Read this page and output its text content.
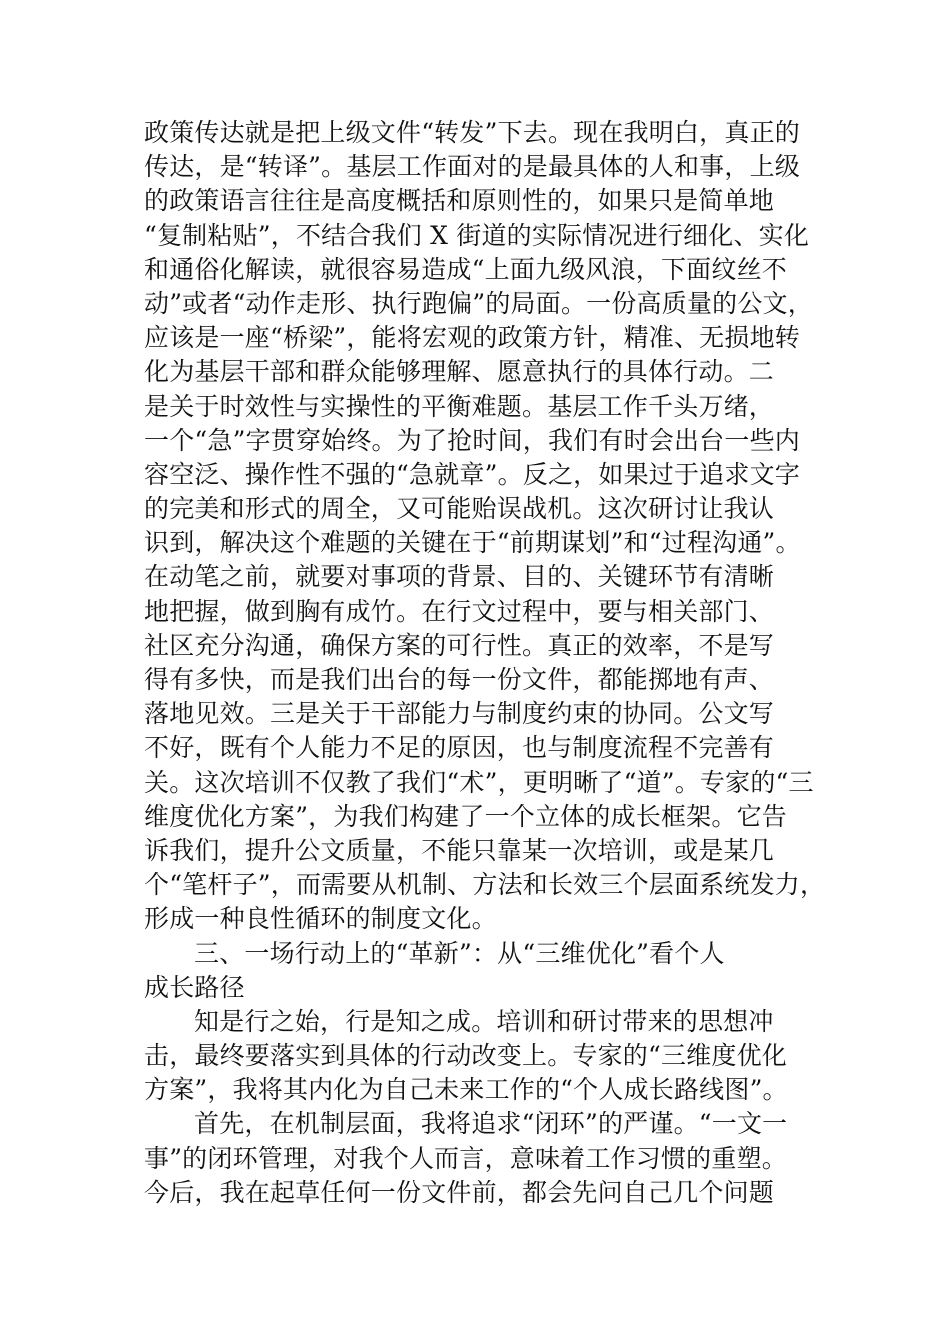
政策传达就是把上级文件“转发”下去。现在我明白，真正的
传达，是“转译”。基层工作面对的是最具体的人和事，上级
的政策语言往往是高度概括和原则性的，如果只是简单地
“复制粘贴”，不结合我们 X 街道的实际情况进行细化、实化
和通俗化解读，就很容易造成“上面九级风浪，下面纹丝不
动”或者“动作走形、执行跑偏”的局面。一份高质量的公文，
应该是一座“桥梁”，能将宏观的政策方针，精准、无损地转
化为基层干部和群众能够理解、愿意执行的具体行动。二
是关于时效性与实操性的平衡难题。基层工作千头万绪，
一个“急”字贯穿始终。为了抢时间，我们有时会出台一些内
容空泛、操作性不强的“急就章”。反之，如果过于追求文字
的完美和形式的周全，又可能贻误战机。这次研讨让我认
识到，解决这个难题的关键在于“前期谋划”和“过程沟通”。
在动笔之前，就要对事项的背景、目的、关键环节有清晰
地把握，做到胸有成竹。在行文过程中，要与相关部门、
社区充分沟通，确保方案的可行性。真正的效率，不是写
得有多快，而是我们出台的每一份文件，都能掷地有声、
落地见效。三是关于干部能力与制度约束的协同。公文写
不好，既有个人能力不足的原因，也与制度流程不完善有
关。这次培训不仅教了我们“术”，更明晰了“道”。专家的“三
维度优化方案”，为我们构建了一个立体的成长框架。它告
诉我们，提升公文质量，不能只靠某一次培训，或是某几
个“笔杆子”，而需要从机制、方法和长效三个层面系统发力，
形成一种良性循环的制度文化。
三、一场行动上的“革新”：从“三维优化”看个人
成长路径
知是行之始，行是知之成。培训和研讨带来的思想冲
击，最终要落实到具体的行动改变上。专家的“三维度优化
方案”，我将其内化为自己未来工作的“个人成长路线图”。
首先，在机制层面，我将追求“闭环”的严谨。“一文一
事”的闭环管理，对我个人而言，意味着工作习惯的重塑。
今后，我在起草任何一份文件前，都会先问自己几个问题
